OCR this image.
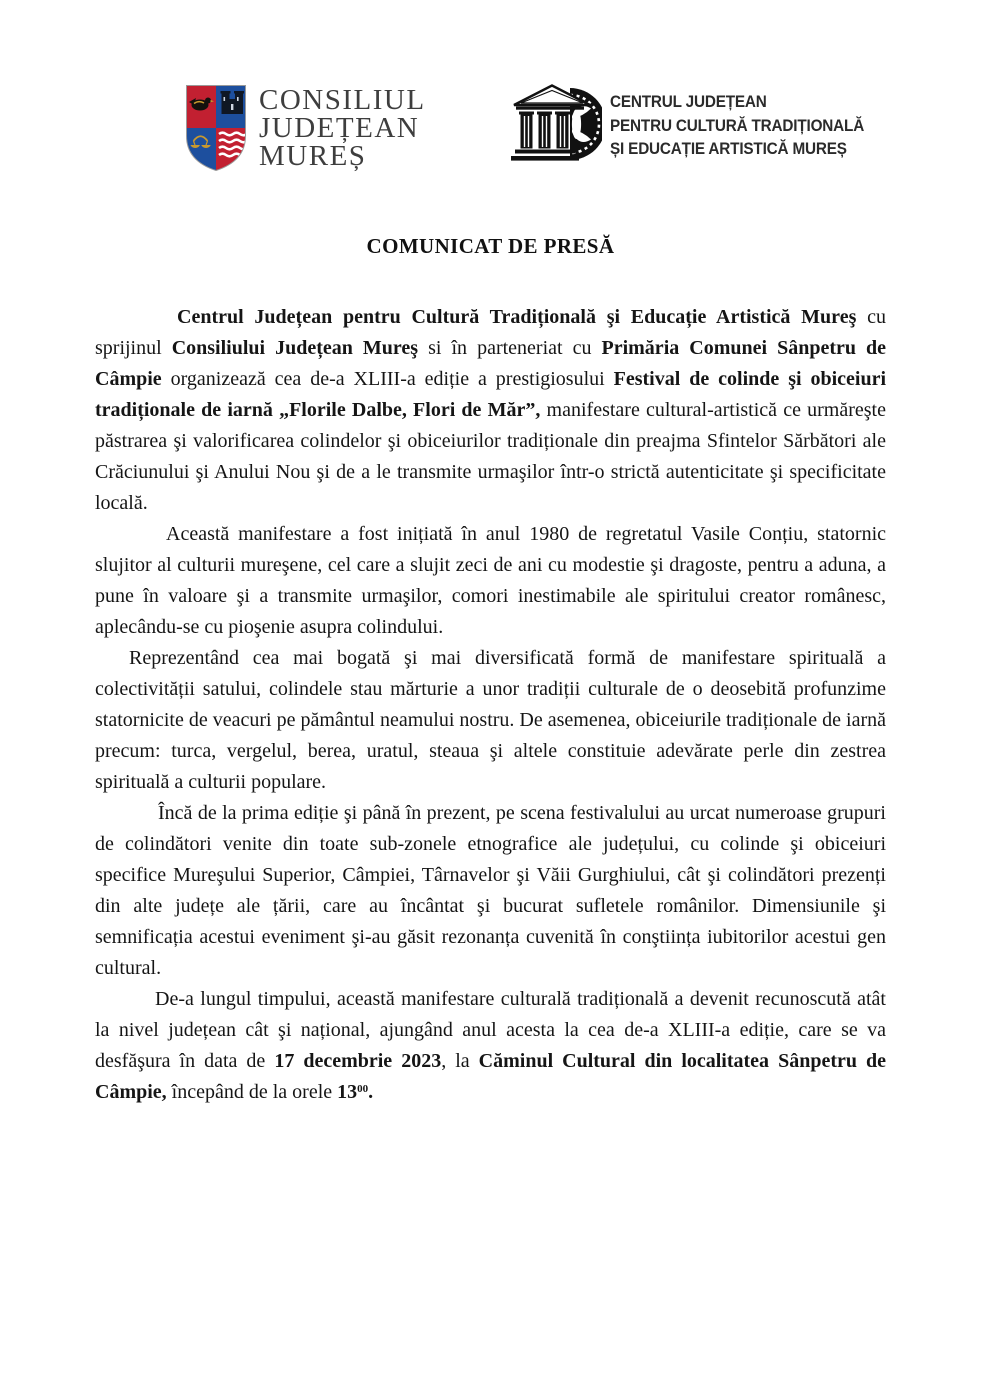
CONSILIUL
JUDEȚEAN
MUREȘ
CENTRUL JUDEȚEAN
PENTRU CULTURĂ TRADIȚIONALĂ
ȘI EDUCAȚIE ARTISTICĂ MUREȘ
COMUNICAT DE PRESĂ

Centrul Județean pentru Cultură Tradițională şi Educație Artistică Mureş cu sprijinul Consiliului Județean Mureş si în parteneriat cu Primăria Comunei Sânpetru de Câmpie organizează cea de-a XLIII-a ediție a prestigiosului Festival de colinde şi obiceiuri tradiționale de iarnă „Florile Dalbe, Flori de Măr”, manifestare cultural-artistică ce urmăreşte păstrarea şi valorificarea colindelor şi obiceiurilor tradiționale din preajma Sfintelor Sărbători ale Crăciunului şi Anului Nou şi de a le transmite urmaşilor într-o strictă autenticitate şi specificitate locală.

Această manifestare a fost inițiată în anul 1980 de regretatul Vasile Conțiu, statornic slujitor al culturii mureşene, cel care a slujit zeci de ani cu modestie şi dragoste, pentru a aduna, a pune în valoare şi a transmite urmaşilor, comori inestimabile ale spiritului creator românesc, aplecându-se cu pioşenie asupra colindului.

Reprezentând cea mai bogată şi mai diversificată formă de manifestare spirituală a colectivității satului, colindele stau mărturie a unor tradiții culturale de o deosebită profunzime statornicite de veacuri pe pământul neamului nostru. De asemenea, obiceiurile tradiționale de iarnă precum: turca, vergelul, berea, uratul, steaua şi altele constituie adevărate perle din zestrea spirituală a culturii populare.

Încă de la prima ediție şi până în prezent, pe scena festivalului au urcat numeroase grupuri de colindători venite din toate sub-zonele etnografice ale județului, cu colinde şi obiceiuri specifice Mureşului Superior, Câmpiei, Târnavelor şi Văii Gurghiului, cât şi colindători prezenți din alte județe ale țării, care au încântat şi bucurat sufletele românilor. Dimensiunile şi semnificația acestui eveniment şi-au găsit rezonanța cuvenită în conştiința iubitorilor acestui gen cultural.

De-a lungul timpului, această manifestare culturală tradițională a devenit recunoscută atât la nivel județean cât şi național, ajungând anul acesta la cea de-a XLIII-a ediție, care se va desfăşura în data de 17 decembrie 2023, la Căminul Cultural din localitatea Sânpetru de Câmpie, începând de la orele $13^{00}$.
